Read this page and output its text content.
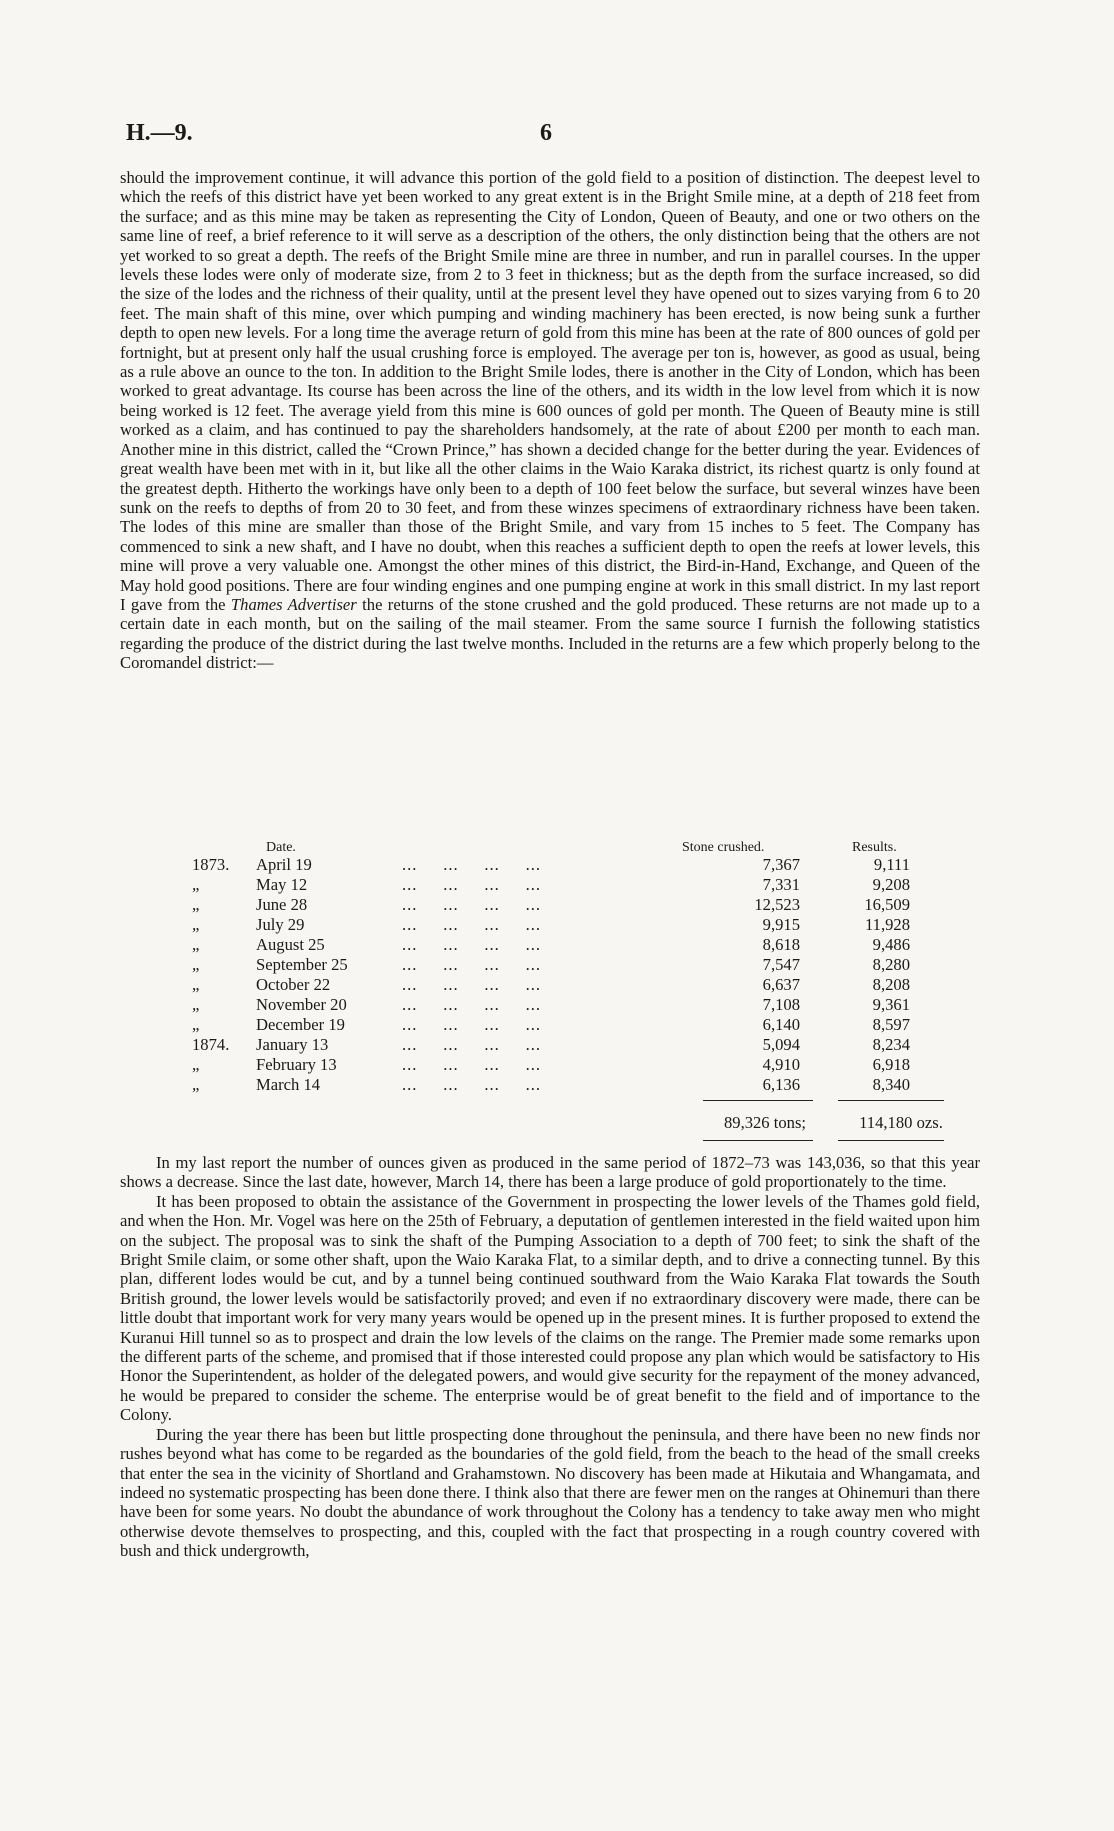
H.—9.	6

should the improvement continue, it will advance this portion of the gold field to a position of distinction. The deepest level to which the reefs of this district have yet been worked to any great extent is in the Bright Smile mine, at a depth of 218 feet from the surface; and as this mine may be taken as representing the City of London, Queen of Beauty, and one or two others on the same line of reef, a brief reference to it will serve as a description of the others, the only distinction being that the others are not yet worked to so great a depth. The reefs of the Bright Smile mine are three in number, and run in parallel courses. In the upper levels these lodes were only of moderate size, from 2 to 3 feet in thickness; but as the depth from the surface increased, so did the size of the lodes and the richness of their quality, until at the present level they have opened out to sizes varying from 6 to 20 feet. The main shaft of this mine, over which pumping and winding machinery has been erected, is now being sunk a further depth to open new levels. For a long time the average return of gold from this mine has been at the rate of 800 ounces of gold per fortnight, but at present only half the usual crushing force is employed. The average per ton is, however, as good as usual, being as a rule above an ounce to the ton. In addition to the Bright Smile lodes, there is another in the City of London, which has been worked to great advantage. Its course has been across the line of the others, and its width in the low level from which it is now being worked is 12 feet. The average yield from this mine is 600 ounces of gold per month. The Queen of Beauty mine is still worked as a claim, and has continued to pay the shareholders handsomely, at the rate of about £200 per month to each man. Another mine in this district, called the “Crown Prince,” has shown a decided change for the better during the year. Evidences of great wealth have been met with in it, but like all the other claims in the Waio Karaka district, its richest quartz is only found at the greatest depth. Hitherto the workings have only been to a depth of 100 feet below the surface, but several winzes have been sunk on the reefs to depths of from 20 to 30 feet, and from these winzes specimens of extraordinary richness have been taken. The lodes of this mine are smaller than those of the Bright Smile, and vary from 15 inches to 5 feet. The Company has commenced to sink a new shaft, and I have no doubt, when this reaches a sufficient depth to open the reefs at lower levels, this mine will prove a very valuable one. Amongst the other mines of this district, the Bird-in-Hand, Exchange, and Queen of the May hold good positions. There are four winding engines and one pumping engine at work in this small district. In my last report I gave from the Thames Advertiser the returns of the stone crushed and the gold produced. These returns are not made up to a certain date in each month, but on the sailing of the mail steamer. From the same source I furnish the following statistics regarding the produce of the district during the last twelve months. Included in the returns are a few which properly belong to the Coromandel district:—

Date.	Stone crushed.	Results.
1873.	April 19	...     ...     ...     ...	7,367	9,111
„	May 12	...     ...     ...     ...	7,331	9,208
„	June 28	...     ...     ...     ...	12,523	16,509
„	July 29	...     ...     ...     ...	9,915	11,928
„	August 25	...     ...     ...     ...	8,618	9,486
„	September 25	...     ...     ...     ...	7,547	8,280
„	October 22	...     ...     ...     ...	6,637	8,208
„	November 20	...     ...     ...     ...	7,108	9,361
„	December 19	...     ...     ...     ...	6,140	8,597
1874.	January 13	...     ...     ...     ...	5,094	8,234
„	February 13	...     ...     ...     ...	4,910	6,918
„	March 14	...     ...     ...     ...	6,136	8,340
89,326 tons;	114,180 ozs.

In my last report the number of ounces given as produced in the same period of 1872–73 was 143,036, so that this year shows a decrease. Since the last date, however, March 14, there has been a large produce of gold proportionately to the time.

It has been proposed to obtain the assistance of the Government in prospecting the lower levels of the Thames gold field, and when the Hon. Mr. Vogel was here on the 25th of February, a deputation of gentlemen interested in the field waited upon him on the subject. The proposal was to sink the shaft of the Pumping Association to a depth of 700 feet; to sink the shaft of the Bright Smile claim, or some other shaft, upon the Waio Karaka Flat, to a similar depth, and to drive a connecting tunnel. By this plan, different lodes would be cut, and by a tunnel being continued southward from the Waio Karaka Flat towards the South British ground, the lower levels would be satisfactorily proved; and even if no extraordinary discovery were made, there can be little doubt that important work for very many years would be opened up in the present mines. It is further proposed to extend the Kuranui Hill tunnel so as to prospect and drain the low levels of the claims on the range. The Premier made some remarks upon the different parts of the scheme, and promised that if those interested could propose any plan which would be satisfactory to His Honor the Superintendent, as holder of the delegated powers, and would give security for the repayment of the money advanced, he would be prepared to consider the scheme. The enterprise would be of great benefit to the field and of importance to the Colony.

During the year there has been but little prospecting done throughout the peninsula, and there have been no new finds nor rushes beyond what has come to be regarded as the boundaries of the gold field, from the beach to the head of the small creeks that enter the sea in the vicinity of Shortland and Grahamstown. No discovery has been made at Hikutaia and Whangamata, and indeed no systematic prospecting has been done there. I think also that there are fewer men on the ranges at Ohinemuri than there have been for some years. No doubt the abundance of work throughout the Colony has a tendency to take away men who might otherwise devote themselves to prospecting, and this, coupled with the fact that prospecting in a rough country covered with bush and thick undergrowth,
